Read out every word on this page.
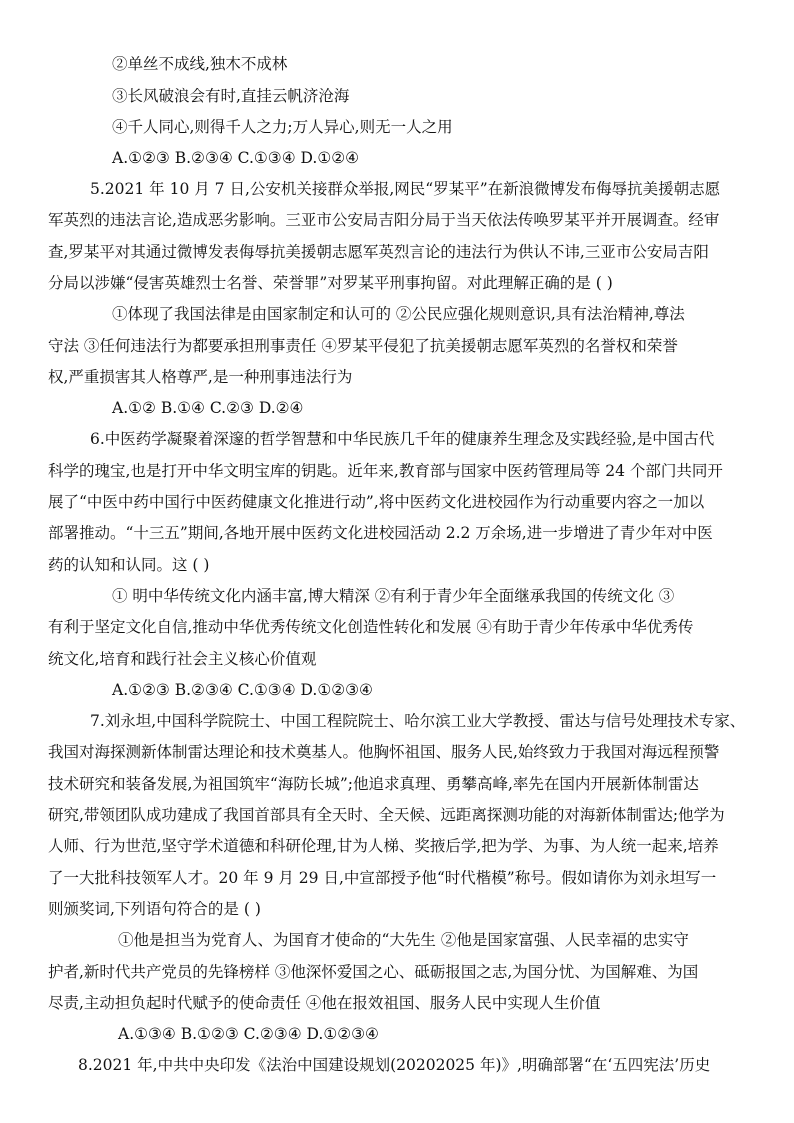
②单丝不成线,独木不成林
③长风破浪会有时,直挂云帆济沧海
④千人同心,则得千人之力;万人异心,则无一人之用
A.①②③ B.②③④ C.①③④ D.①②④
5.2021 年 10 月 7 日,公安机关接群众举报,网民“罗某平”在新浪微博发布侮辱抗美援朝志愿
军英烈的违法言论,造成恶劣影响。三亚市公安局吉阳分局于当天依法传唤罗某平并开展调查。经审
查,罗某平对其通过微博发表侮辱抗美援朝志愿军英烈言论的违法行为供认不讳,三亚市公安局吉阳
分局以涉嫌“侵害英雄烈士名誉、荣誉罪”对罗某平刑事拘留。对此理解正确的是 ( )
①体现了我国法律是由国家制定和认可的 ②公民应强化规则意识,具有法治精神,尊法
守法 ③任何违法行为都要承担刑事责任 ④罗某平侵犯了抗美援朝志愿军英烈的名誉权和荣誉
权,严重损害其人格尊严,是一种刑事违法行为
A.①② B.①④ C.②③ D.②④
6.中医药学凝聚着深邃的哲学智慧和中华民族几千年的健康养生理念及实践经验,是中国古代
科学的瑰宝,也是打开中华文明宝库的钥匙。近年来,教育部与国家中医药管理局等 24 个部门共同开
展了“中医中药中国行中医药健康文化推进行动”,将中医药文化进校园作为行动重要内容之一加以
部署推动。“十三五”期间,各地开展中医药文化进校园活动 2.2 万余场,进一步增进了青少年对中医
药的认知和认同。这 ( )
① 明中华传统文化内涵丰富,博大精深 ②有利于青少年全面继承我国的传统文化 ③
有利于坚定文化自信,推动中华优秀传统文化创造性转化和发展 ④有助于青少年传承中华优秀传
统文化,培育和践行社会主义核心价值观
A.①②③ B.②③④ C.①③④ D.①②③④
7.刘永坦,中国科学院院士、中国工程院院士、哈尔滨工业大学教授、雷达与信号处理技术专家、
我国对海探测新体制雷达理论和技术奠基人。他胸怀祖国、服务人民,始终致力于我国对海远程预警
技术研究和装备发展,为祖国筑牢“海防长城”;他追求真理、勇攀高峰,率先在国内开展新体制雷达
研究,带领团队成功建成了我国首部具有全天时、全天候、远距离探测功能的对海新体制雷达;他学为
人师、行为世范,坚守学术道德和科研伦理,甘为人梯、奖掖后学,把为学、为事、为人统一起来,培养
了一大批科技领军人才。20 年 9 月 29 日,中宣部授予他“时代楷模”称号。假如请你为刘永坦写一
则颁奖词,下列语句符合的是 ( )
①他是担当为党育人、为国育才使命的“大先生 ②他是国家富强、人民幸福的忠实守
护者,新时代共产党员的先锋榜样 ③他深怀爱国之心、砥砺报国之志,为国分忧、为国解难、为国
尽责,主动担负起时代赋予的使命责任 ④他在报效祖国、服务人民中实现人生价值
A.①③④ B.①②③ C.②③④ D.①②③④
8.2021 年,中共中央印发《法治中国建设规划(20202025 年)》,明确部署“在‘五四宪法’历史
